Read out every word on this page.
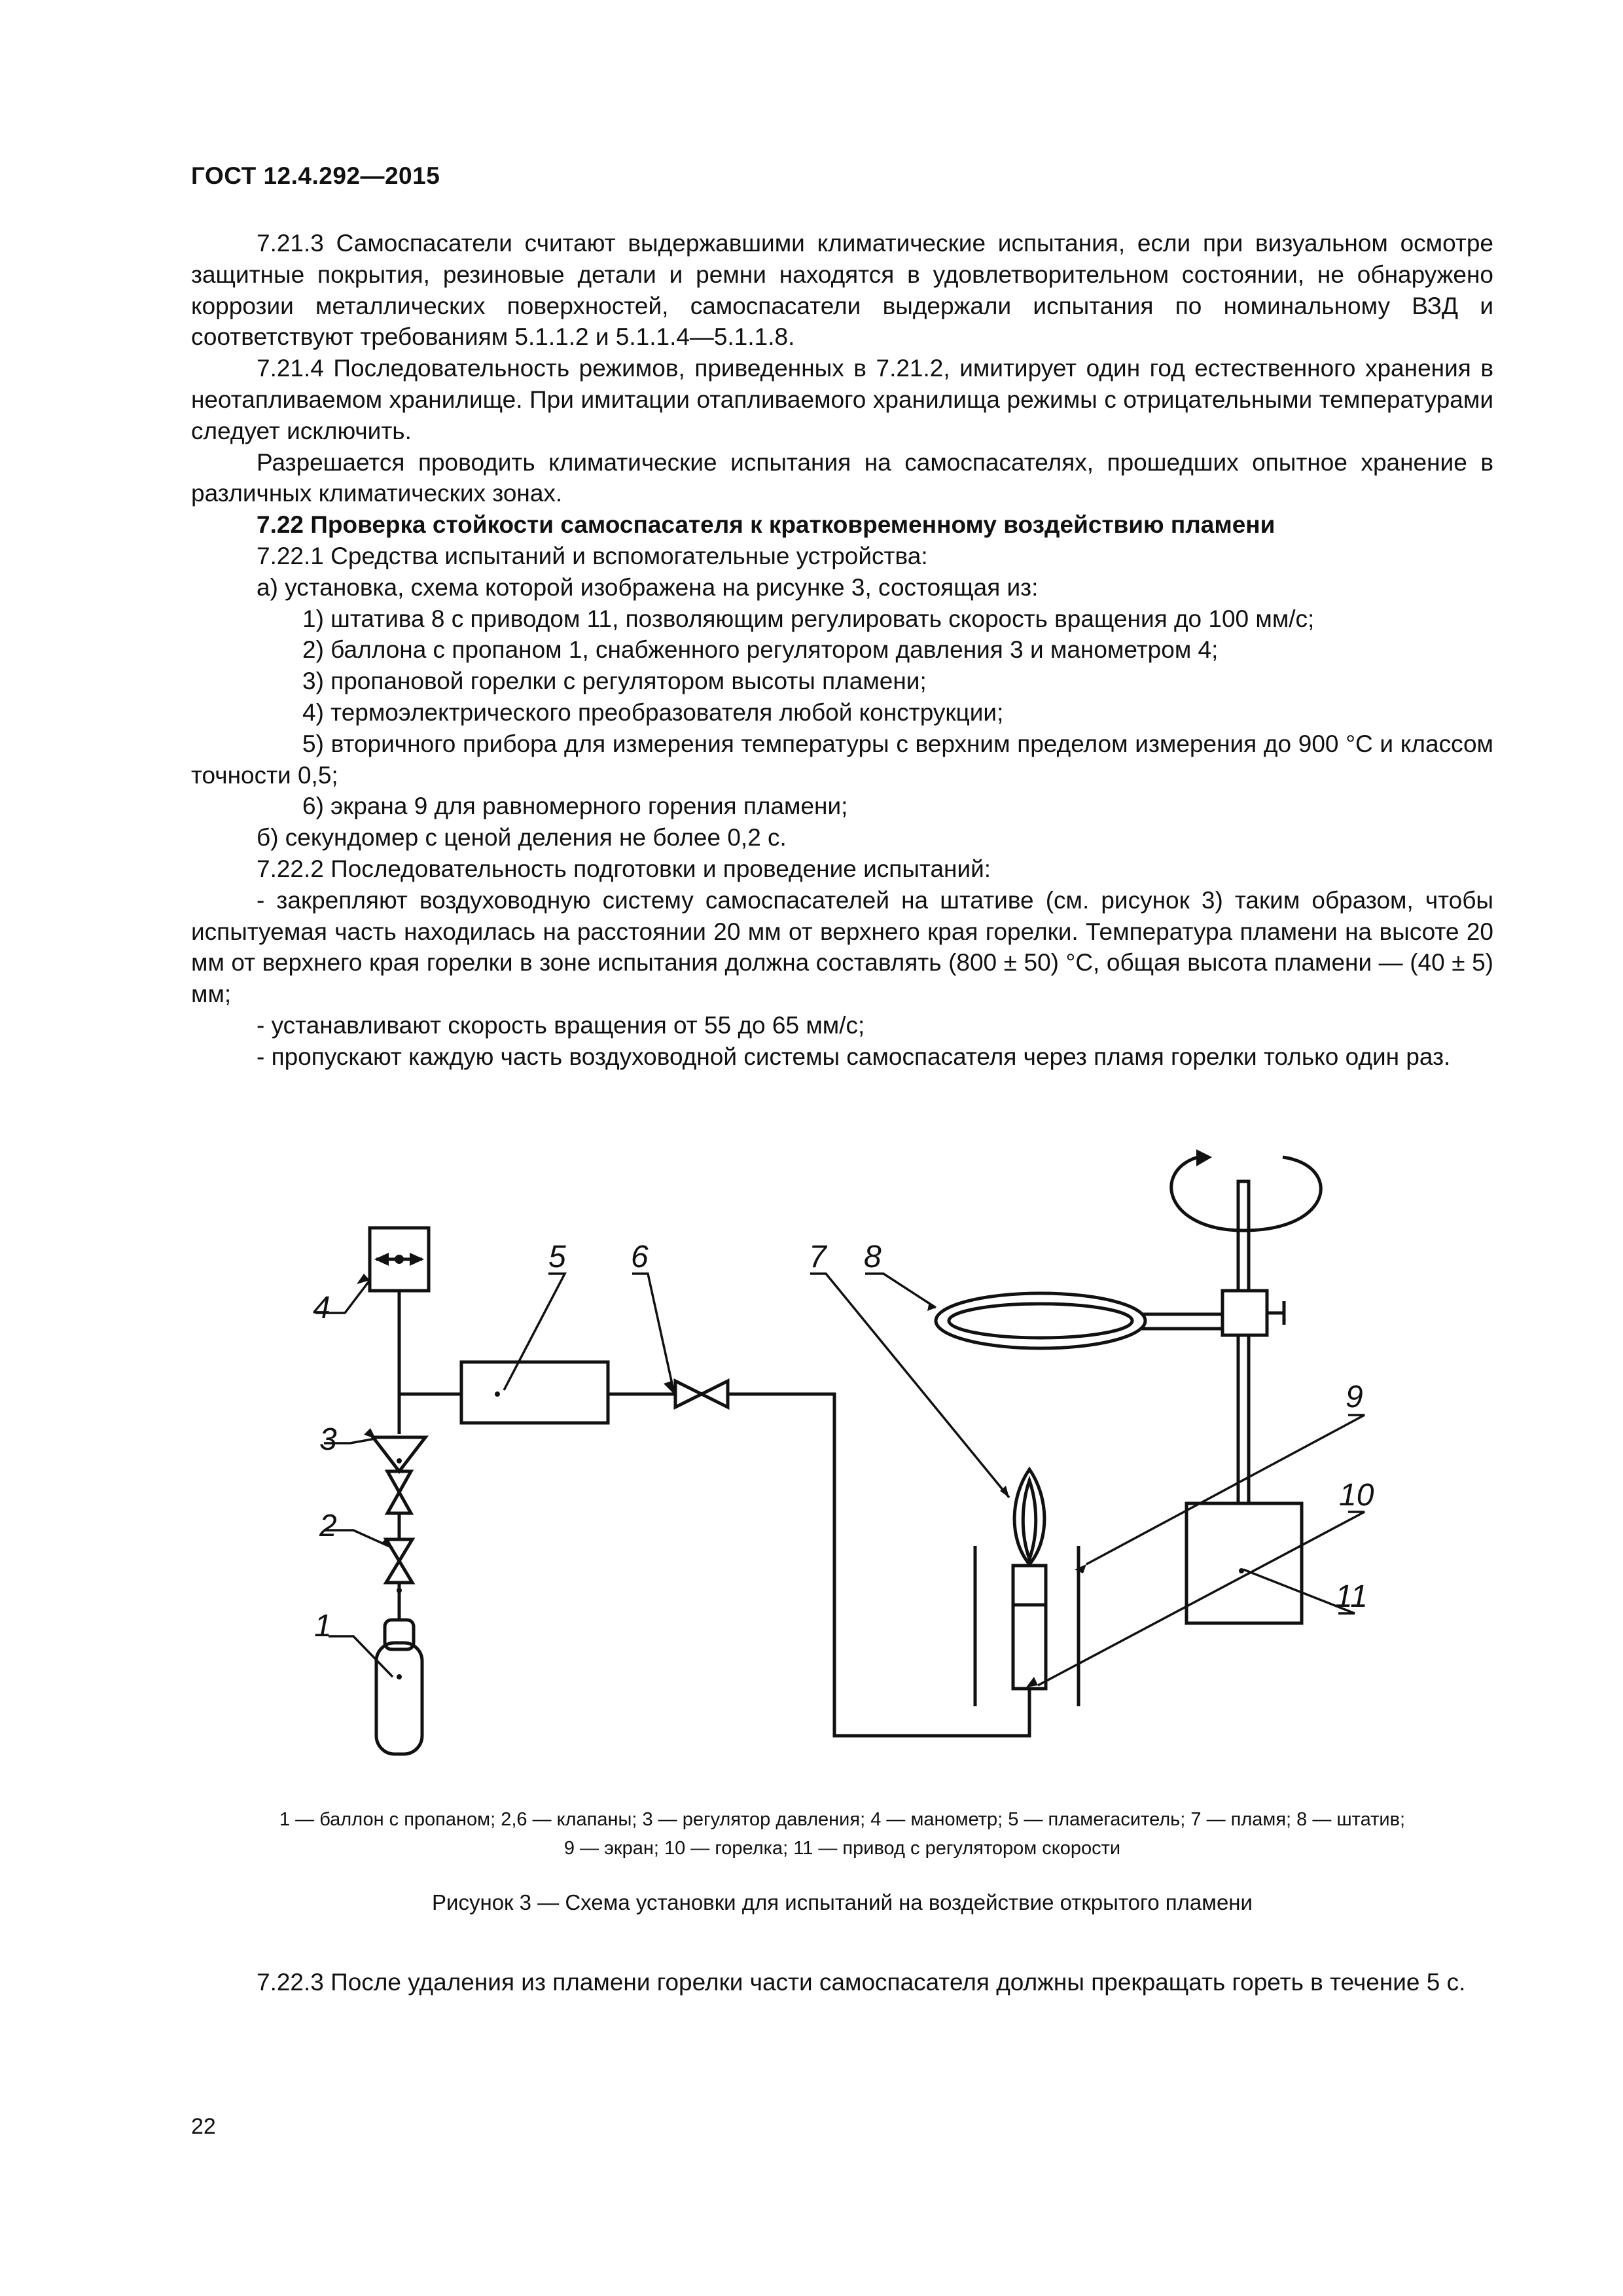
ГОСТ 12.4.292—2015

7.21.3 Самоспасатели считают выдержавшими климатические испытания, если при визуальном осмотре защитные покрытия, резиновые детали и ремни находятся в удовлетворительном состоянии, не обнаружено коррозии металлических поверхностей, самоспасатели выдержали испытания по номинальному ВЗД и соответствуют требованиям 5.1.1.2 и 5.1.1.4—5.1.1.8.

7.21.4 Последовательность режимов, приведенных в 7.21.2, имитирует один год естественного хранения в неотапливаемом хранилище. При имитации отапливаемого хранилища режимы с отрицательными температурами следует исключить.

Разрешается проводить климатические испытания на самоспасателях, прошедших опытное хранение в различных климатических зонах.

7.22 Проверка стойкости самоспасателя к кратковременному воздействию пламени

7.22.1 Средства испытаний и вспомогательные устройства:

а) установка, схема которой изображена на рисунке 3, состоящая из:

1) штатива 8 с приводом 11, позволяющим регулировать скорость вращения до 100 мм/с;

2) баллона с пропаном 1, снабженного регулятором давления 3 и манометром 4;

3) пропановой горелки с регулятором высоты пламени;

4) термоэлектрического преобразователя любой конструкции;

5) вторичного прибора для измерения температуры с верхним пределом измерения до 900 °С и классом точности 0,5;

6) экрана 9 для равномерного горения пламени;

б) секундомер с ценой деления не более 0,2 с.

7.22.2 Последовательность подготовки и проведение испытаний:

- закрепляют воздуховодную систему самоспасателей на штативе (см. рисунок 3) таким образом, чтобы испытуемая часть находилась на расстоянии 20 мм от верхнего края горелки. Температура пламени на высоте 20 мм от верхнего края горелки в зоне испытания должна составлять (800 ± 50) °С, общая высота пламени — (40 ± 5) мм;

- устанавливают скорость вращения от 55 до 65 мм/с;

- пропускают каждую часть воздуховодной системы самоспасателя через пламя горелки только один раз.

4
3
2
1
5 6	7 8
9
10
11
1 — баллон с пропаном; 2,6 — клапаны; 3 — регулятор давления; 4 — манометр; 5 — пламегаситель; 7 — пламя; 8 — штатив;
9 — экран; 10 — горелка; 11 — привод с регулятором скорости
Рисунок 3 — Схема установки для испытаний на воздействие открытого пламени

7.22.3 После удаления из пламени горелки части самоспасателя должны прекращать гореть в течение 5 с.

22
